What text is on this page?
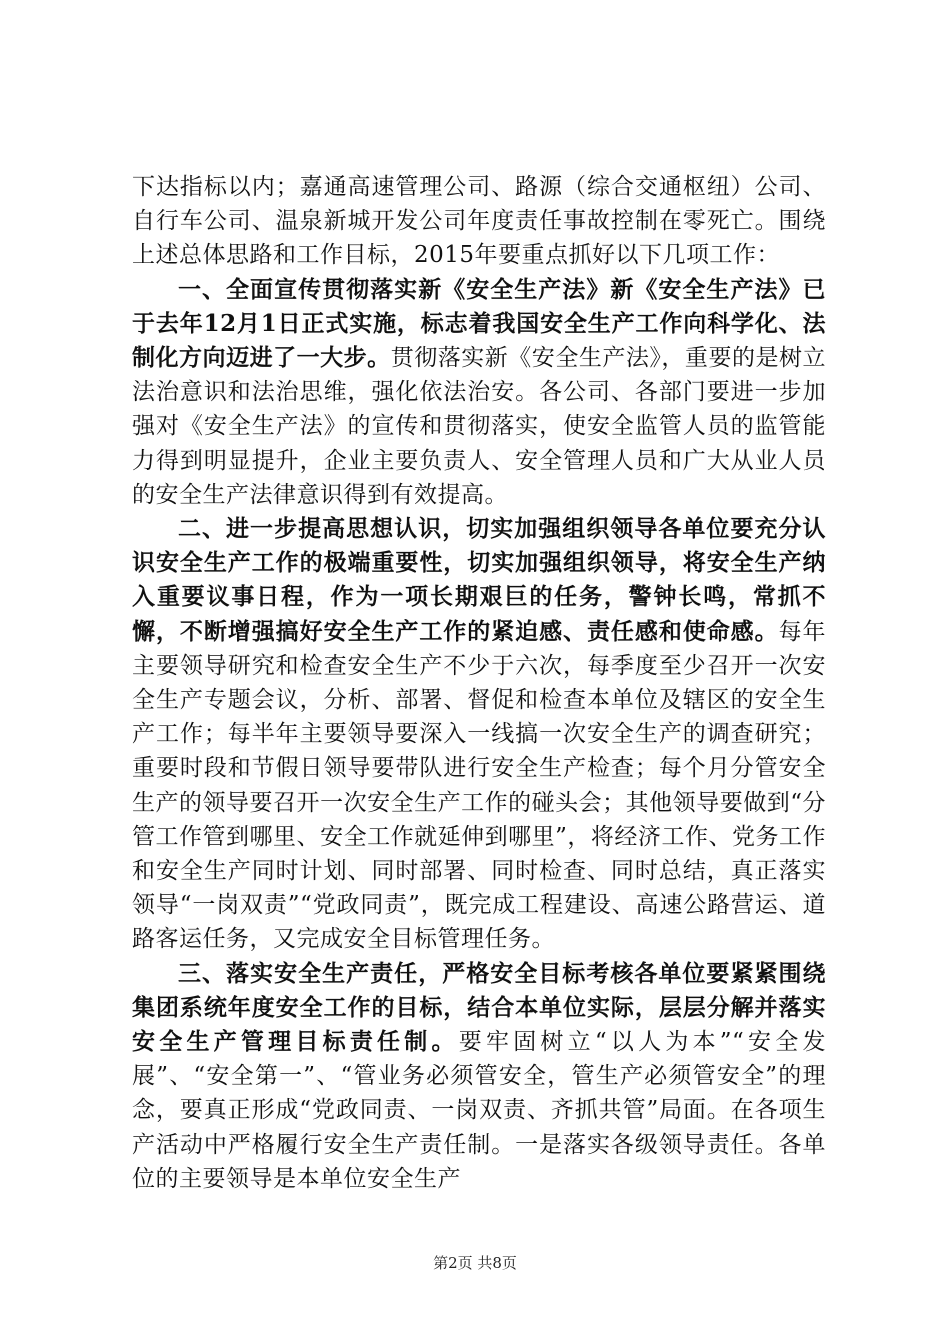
下达指标以内；嘉通高速管理公司、路源（综合交通枢纽）公司、自行车公司、温泉新城开发公司年度责任事故控制在零死亡。围绕上述总体思路和工作目标，2015年要重点抓好以下几项工作：

一、全面宣传贯彻落实新《安全生产法》新《安全生产法》已于去年12月1日正式实施，标志着我国安全生产工作向科学化、法制化方向迈进了一大步。贯彻落实新《安全生产法》，重要的是树立法治意识和法治思维，强化依法治安。各公司、各部门要进一步加强对《安全生产法》的宣传和贯彻落实，使安全监管人员的监管能力得到明显提升，企业主要负责人、安全管理人员和广大从业人员的安全生产法律意识得到有效提高。

二、进一步提高思想认识，切实加强组织领导各单位要充分认识安全生产工作的极端重要性，切实加强组织领导，将安全生产纳入重要议事日程，作为一项长期艰巨的任务，警钟长鸣，常抓不懈，不断增强搞好安全生产工作的紧迫感、责任感和使命感。每年主要领导研究和检查安全生产不少于六次，每季度至少召开一次安全生产专题会议，分析、部署、督促和检查本单位及辖区的安全生产工作；每半年主要领导要深入一线搞一次安全生产的调查研究；重要时段和节假日领导要带队进行安全生产检查；每个月分管安全生产的领导要召开一次安全生产工作的碰头会；其他领导要做到“分管工作管到哪里、安全工作就延伸到哪里”，将经济工作、党务工作和安全生产同时计划、同时部署、同时检查、同时总结，真正落实领导“一岗双责”“党政同责”，既完成工程建设、高速公路营运、道路客运任务，又完成安全目标管理任务。

三、落实安全生产责任，严格安全目标考核各单位要紧紧围绕集团系统年度安全工作的目标，结合本单位实际，层层分解并落实安全生产管理目标责任制。要牢固树立“以人为本”“安全发展”、“安全第一”、“管业务必须管安全，管生产必须管安全”的理念，要真正形成“党政同责、一岗双责、齐抓共管”局面。在各项生产活动中严格履行安全生产责任制。一是落实各级领导责任。各单位的主要领导是本单位安全生产

第2页 共8页
